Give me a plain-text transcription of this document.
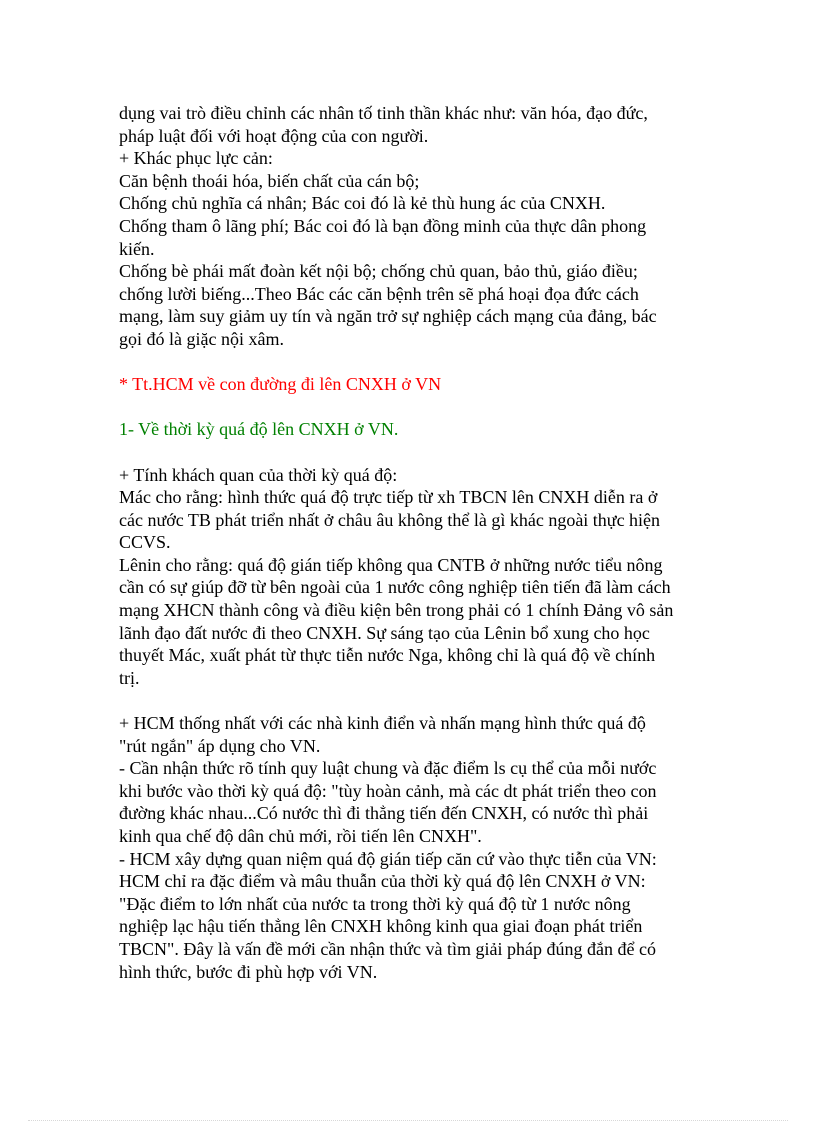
dụng vai trò điều chỉnh các nhân tố tinh thần khác như: văn hóa, đạo đức,
pháp luật đối với hoạt động của con người.
+ Khác phục lực cản:
Căn bệnh thoái hóa, biến chất của cán bộ;
Chống chủ nghĩa cá nhân; Bác coi đó là kẻ thù hung ác của CNXH.
Chống tham ô lãng phí; Bác coi đó là bạn đồng minh của thực dân phong
kiến.
Chống bè phái mất đoàn kết nội bộ; chống chủ quan, bảo thủ, giáo điều;
chống lười biếng...Theo Bác các căn bệnh trên sẽ phá hoại đọa đức cách
mạng, làm suy giảm uy tín và ngăn trở sự nghiệp cách mạng của đảng, bác
gọi đó là giặc nội xâm.
* Tt.HCM về con đường đi lên CNXH ở VN
1- Về thời kỳ quá độ lên CNXH ở VN.
+ Tính khách quan của thời kỳ quá độ:
Mác cho rằng: hình thức quá độ trực tiếp từ xh TBCN lên CNXH diễn ra ở
các nước TB phát triển nhất ở châu âu không thể là gì khác ngoài thực hiện
CCVS.
Lênin cho rằng: quá độ gián tiếp không qua CNTB ở những nước tiểu nông
cần có sự giúp đỡ từ bên ngoài của 1 nước công nghiệp tiên tiến đã làm cách
mạng XHCN thành công và điều kiện bên trong phải có 1 chính Đảng vô sản
lãnh đạo đất nước đi theo CNXH. Sự sáng tạo của Lênin bổ xung cho học
thuyết Mác, xuất phát từ thực tiễn nước Nga, không chỉ là quá độ về chính
trị.
+ HCM thống nhất với các nhà kinh điển và nhấn mạng hình thức quá độ
"rút ngắn" áp dụng cho VN.
- Cần nhận thức rõ tính quy luật chung và đặc điểm ls cụ thể của mỗi nước
khi bước vào thời kỳ quá độ: "tùy hoàn cảnh, mà các dt phát triển theo con
đường khác nhau...Có nước thì đi thẳng tiến đến CNXH, có nước thì phải
kinh qua chế độ dân chủ mới, rồi tiến lên CNXH".
- HCM xây dựng quan niệm quá độ gián tiếp căn cứ vào thực tiễn của VN:
HCM chỉ ra đặc điểm và mâu thuẫn của thời kỳ quá độ lên CNXH ở VN:
"Đặc điểm to lớn nhất của nước ta trong thời kỳ quá độ từ 1 nước nông
nghiệp lạc hậu tiến thẳng lên CNXH không kinh qua giai đoạn phát triển
TBCN". Đây là vấn đề mới cần nhận thức và tìm giải pháp đúng đắn để có
hình thức, bước đi phù hợp với VN.
